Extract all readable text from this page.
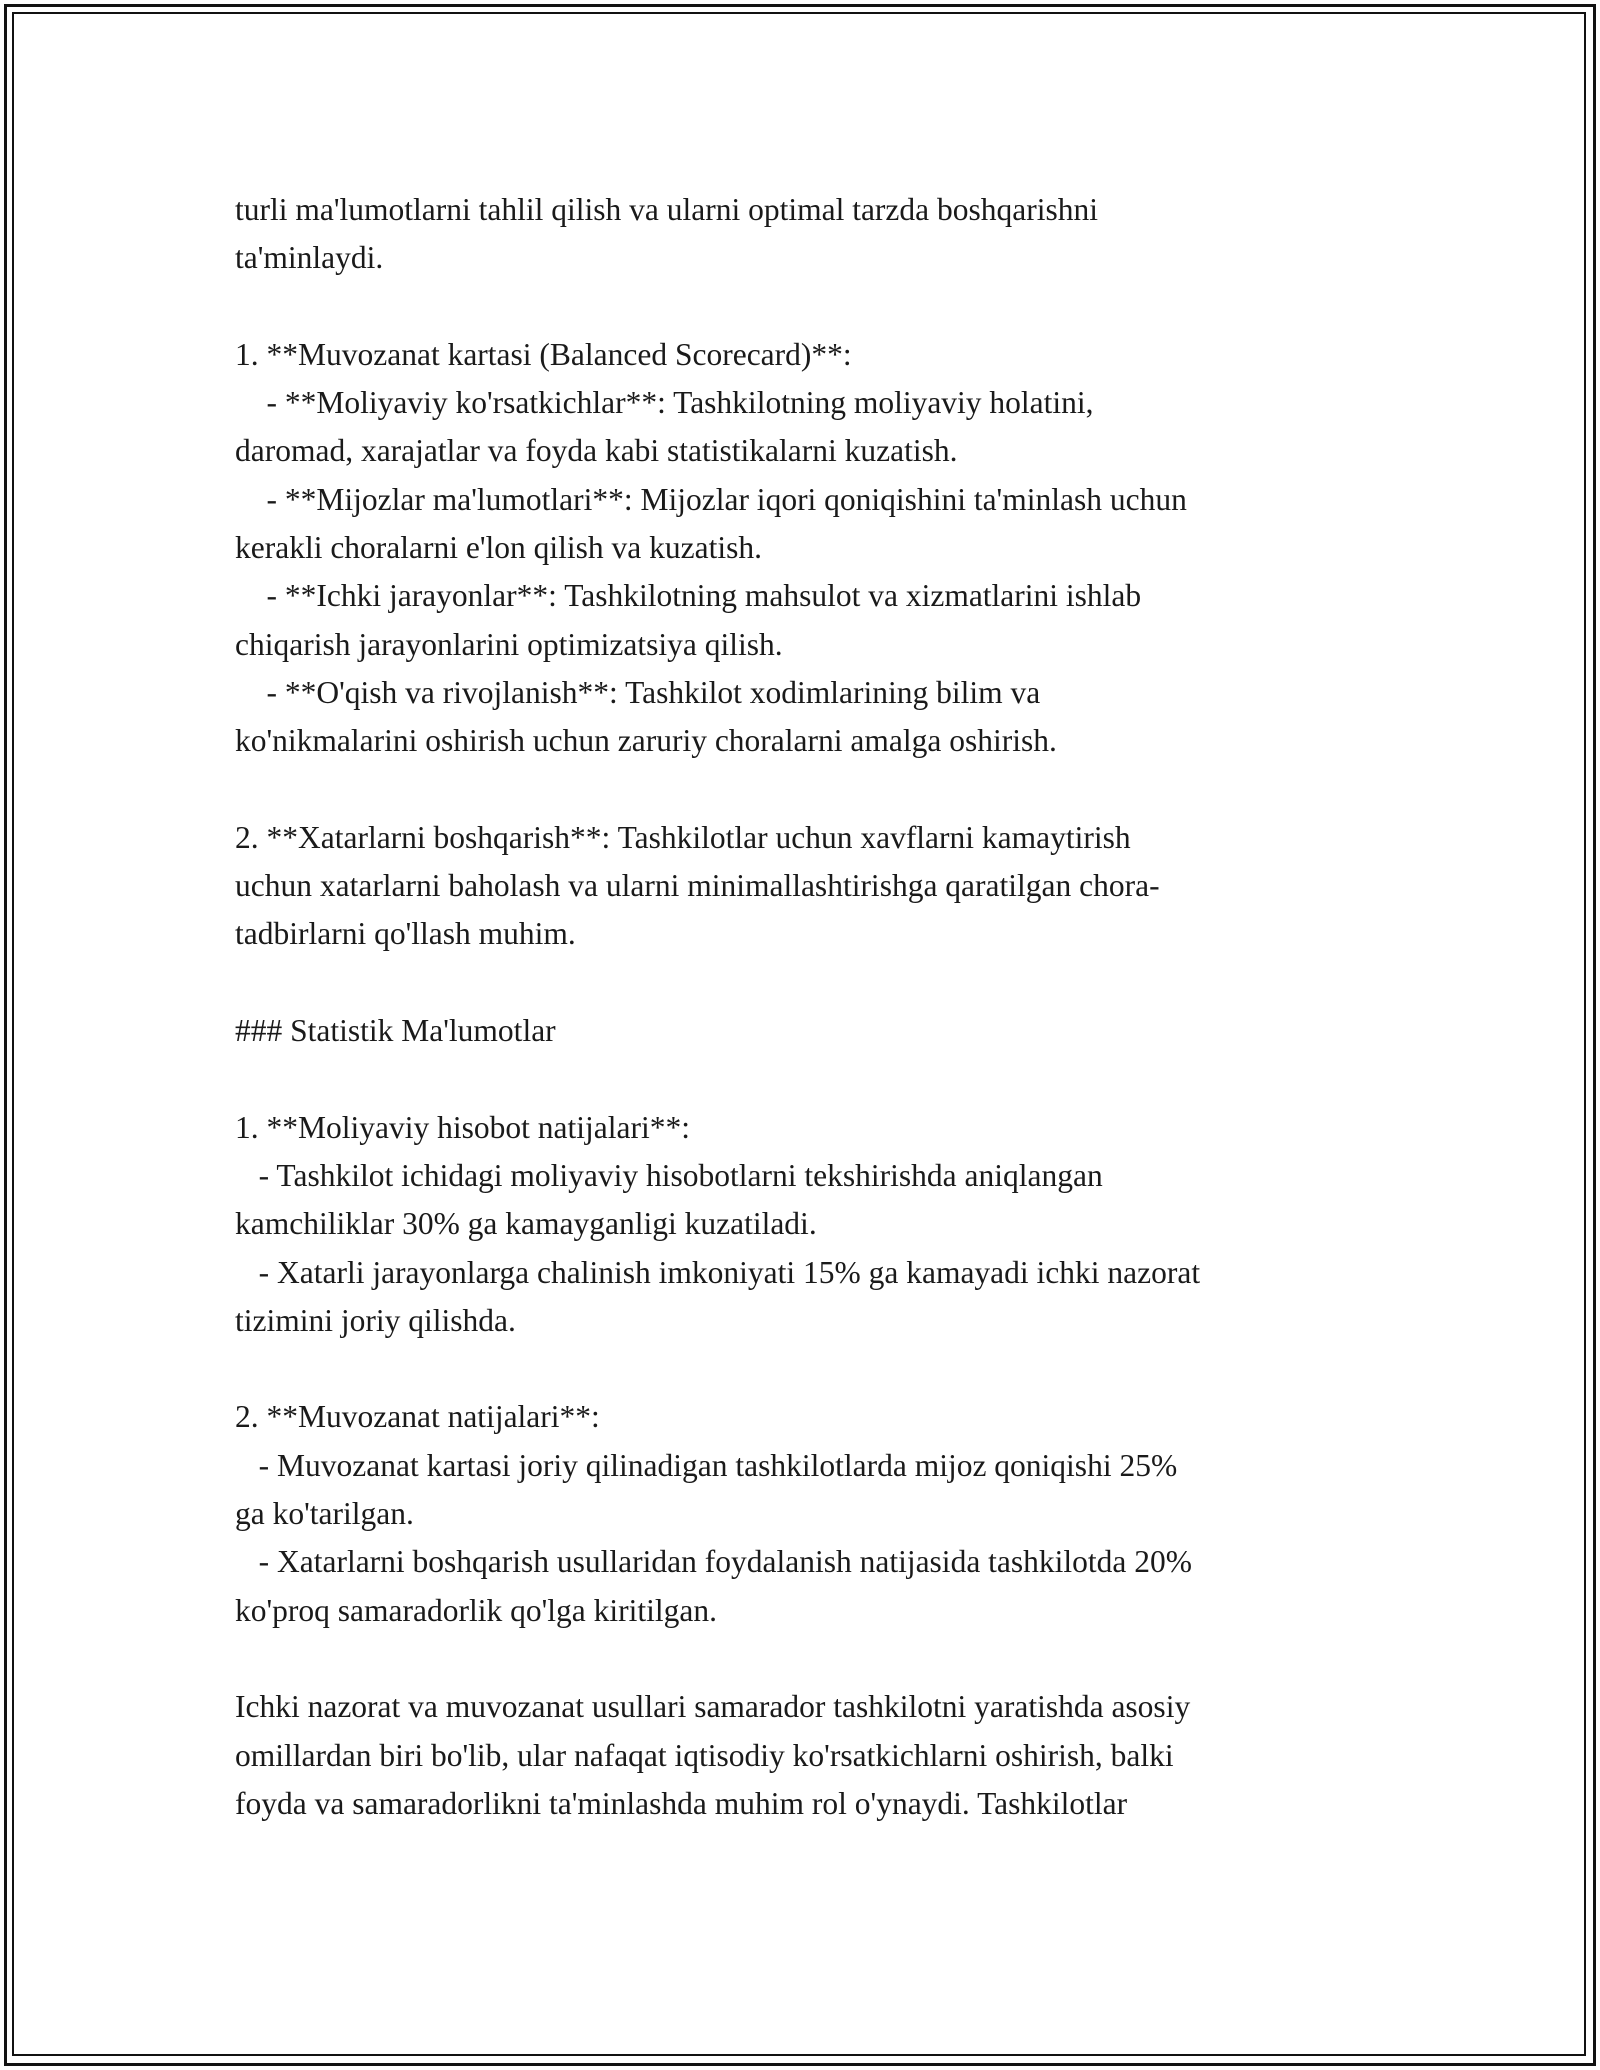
turli ma'lumotlarni tahlil qilish va ularni optimal tarzda boshqarishni
ta'minlaydi.
1. **Muvozanat kartasi (Balanced Scorecard)**:
- **Moliyaviy ko'rsatkichlar**: Tashkilotning moliyaviy holatini,
daromad, xarajatlar va foyda kabi statistikalarni kuzatish.
- **Mijozlar ma'lumotlari**: Mijozlar iqori qoniqishini ta'minlash uchun
kerakli choralarni e'lon qilish va kuzatish.
- **Ichki jarayonlar**: Tashkilotning mahsulot va xizmatlarini ishlab
chiqarish jarayonlarini optimizatsiya qilish.
- **O'qish va rivojlanish**: Tashkilot xodimlarining bilim va
ko'nikmalarini oshirish uchun zaruriy choralarni amalga oshirish.
2. **Xatarlarni boshqarish**: Tashkilotlar uchun xavflarni kamaytirish
uchun xatarlarni baholash va ularni minimallashtirishga qaratilgan chora-
tadbirlarni qo'llash muhim.
### Statistik Ma'lumotlar
1. **Moliyaviy hisobot natijalari**:
- Tashkilot ichidagi moliyaviy hisobotlarni tekshirishda aniqlangan
kamchiliklar 30% ga kamayganligi kuzatiladi.
- Xatarli jarayonlarga chalinish imkoniyati 15% ga kamayadi ichki nazorat
tizimini joriy qilishda.
2. **Muvozanat natijalari**:
- Muvozanat kartasi joriy qilinadigan tashkilotlarda mijoz qoniqishi 25%
ga ko'tarilgan.
- Xatarlarni boshqarish usullaridan foydalanish natijasida tashkilotda 20%
ko'proq samaradorlik qo'lga kiritilgan.
Ichki nazorat va muvozanat usullari samarador tashkilotni yaratishda asosiy
omillardan biri bo'lib, ular nafaqat iqtisodiy ko'rsatkichlarni oshirish, balki
foyda va samaradorlikni ta'minlashda muhim rol o'ynaydi. Tashkilotlar
